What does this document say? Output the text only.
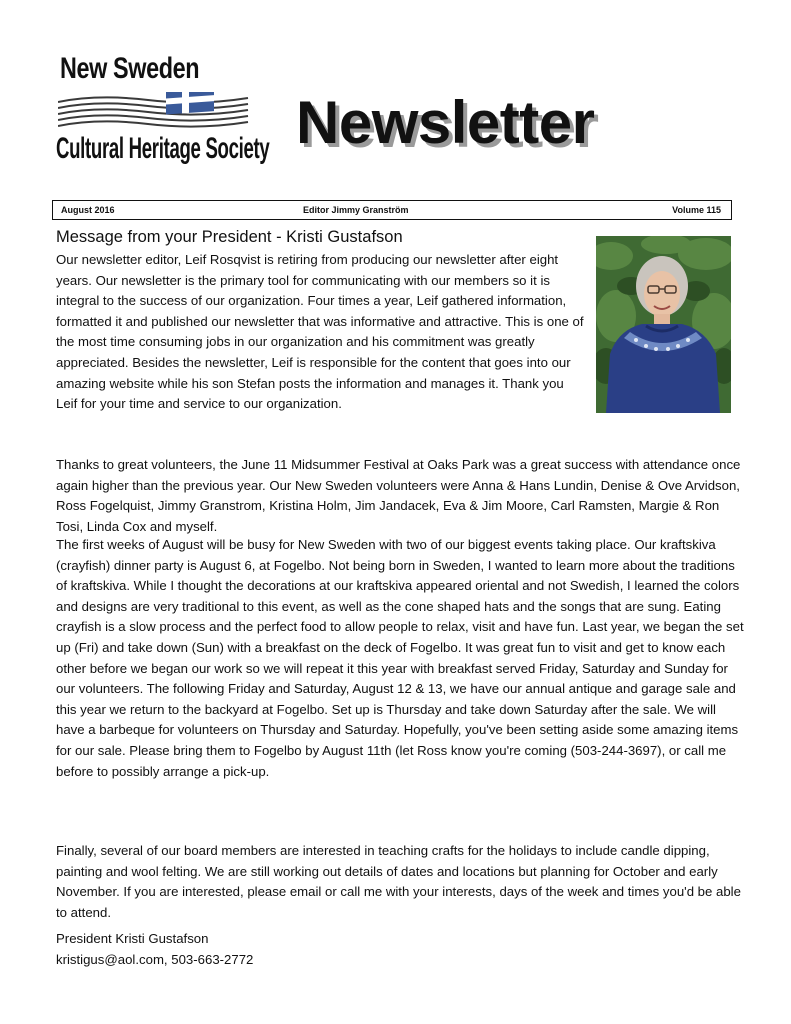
New Sweden
Cultural Heritage Society Newsletter
August 2016	Editor Jimmy Granström	Volume 115
Message from your President - Kristi Gustafson

Our newsletter editor, Leif Rosqvist is retiring from producing our newsletter after eight years. Our newsletter is the primary tool for communicating with our members so it is integral to the success of our organization. Four times a year, Leif gathered information, formatted it and published our newsletter that was informative and attractive. This is one of the most time consuming jobs in our organization and his commitment was greatly appreciated. Besides the newsletter, Leif is responsible for the content that goes into our amazing website while his son Stefan posts the information and manages it. Thank you Leif for your time and service to our organization.

Thanks to great volunteers, the June 11 Midsummer Festival at Oaks Park was a great success with attendance once again higher than the previous year. Our New Sweden volunteers were Anna & Hans Lundin, Denise & Ove Arvidson, Ross Fogelquist, Jimmy Granstrom, Kristina Holm, Jim Jandacek, Eva & Jim Moore, Carl Ramsten, Margie & Ron Tosi, Linda Cox and myself.

The first weeks of August will be busy for New Sweden with two of our biggest events taking place. Our kraftskiva (crayfish) dinner party is August 6, at Fogelbo. Not being born in Sweden, I wanted to learn more about the traditions of kraftskiva. While I thought the decorations at our kraftskiva appeared oriental and not Swedish, I learned the colors and designs are very traditional to this event, as well as the cone shaped hats and the songs that are sung. Eating crayfish is a slow process and the perfect food to allow people to relax, visit and have fun. Last year, we began the set up (Fri) and take down (Sun) with a breakfast on the deck of Fogelbo. It was great fun to visit and get to know each other before we began our work so we will repeat it this year with breakfast served Friday, Saturday and Sunday for our volunteers. The following Friday and Saturday, August 12 & 13, we have our annual antique and garage sale and this year we return to the backyard at Fogelbo. Set up is Thursday and take down Saturday after the sale. We will have a barbeque for volunteers on Thursday and Saturday. Hopefully, you've been setting aside some amazing items for our sale. Please bring them to Fogelbo by August 11th (let Ross know you're coming (503-244-3697), or call me before to possibly arrange a pick-up.

Finally, several of our board members are interested in teaching crafts for the holidays to include candle dipping, painting and wool felting. We are still working out details of dates and locations but planning for October and early November. If you are interested, please email or call me with your interests, days of the week and times you'd be able to attend.

President Kristi Gustafson
kristigus@aol.com, 503-663-2772
